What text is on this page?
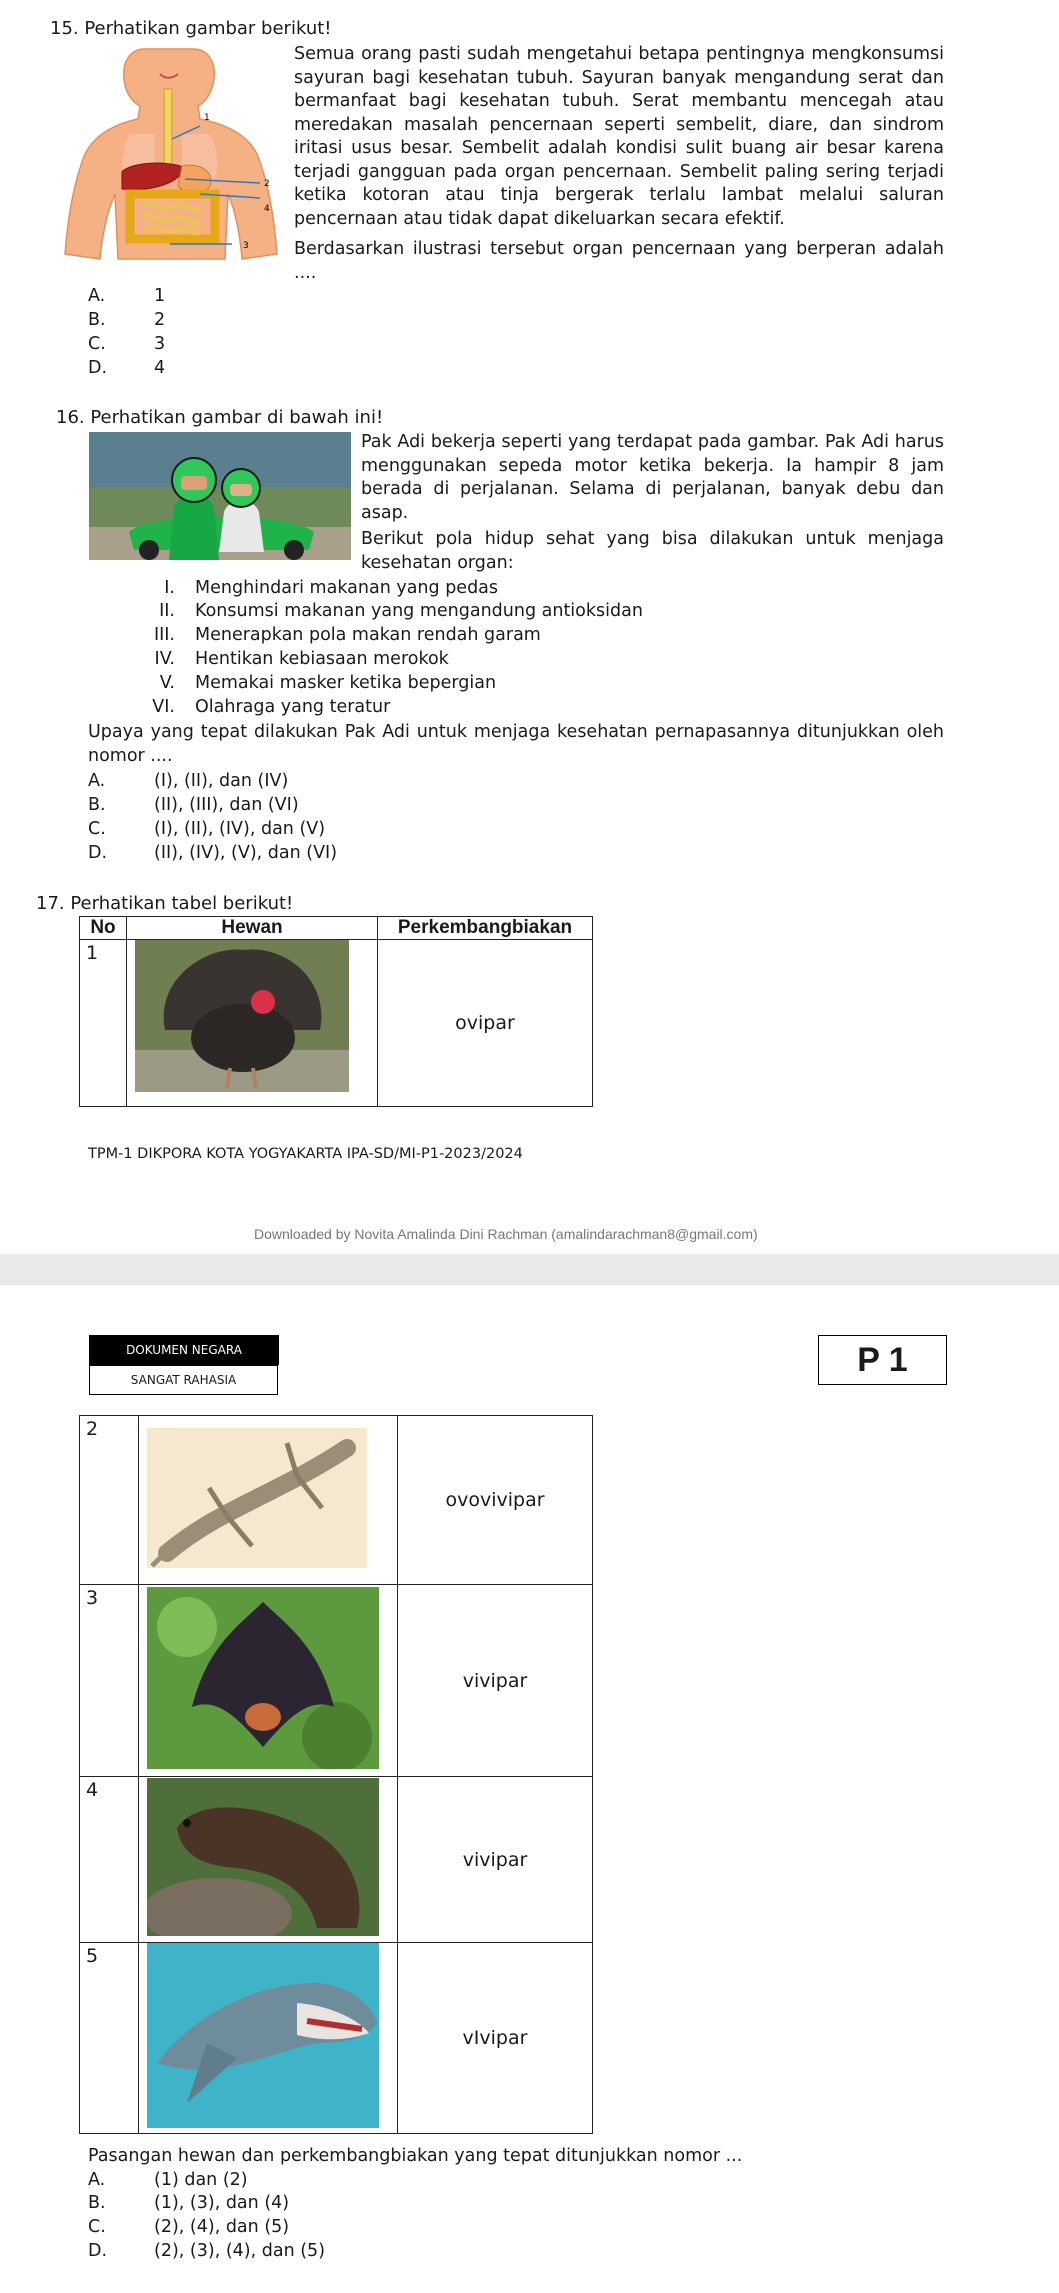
15. Perhatikan gambar berikut!
1
2
4
3
Semua orang pasti sudah mengetahui betapa pentingnya mengkonsumsi sayuran bagi kesehatan tubuh. Sayuran banyak mengandung serat dan bermanfaat bagi kesehatan tubuh. Serat membantu mencegah atau meredakan masalah pencernaan seperti sembelit, diare, dan sindrom iritasi usus besar. Sembelit adalah kondisi sulit buang air besar karena terjadi gangguan pada organ pencernaan. Sembelit paling sering terjadi ketika kotoran atau tinja bergerak terlalu lambat melalui saluran pencernaan atau tidak dapat dikeluarkan secara efektif.
Berdasarkan ilustrasi tersebut organ pencernaan yang berperan adalah ....
A.	1
B.	2
C.	3
D.	4
16. Perhatikan gambar di bawah ini!
Pak Adi bekerja seperti yang terdapat pada gambar. Pak Adi harus menggunakan sepeda motor ketika bekerja. Ia hampir 8 jam berada di perjalanan. Selama di perjalanan, banyak debu dan asap.
Berikut pola hidup sehat yang bisa dilakukan untuk menjaga kesehatan organ:
I. Menghindari makanan yang pedas
II. Konsumsi makanan yang mengandung antioksidan
III. Menerapkan pola makan rendah garam
IV. Hentikan kebiasaan merokok
V. Memakai masker ketika bepergian
VI. Olahraga yang teratur
Upaya yang tepat dilakukan Pak Adi untuk menjaga kesehatan pernapasannya ditunjukkan oleh nomor ....
A.	(I), (II), dan (IV)
B.	(II), (III), dan (VI)
C.	(I), (II), (IV), dan (V)
D.	(II), (IV), (V), dan (VI)
17. Perhatikan tabel berikut!
No	Hewan	Perkembangbiakan
1		ovipar
TPM-1 DIKPORA KOTA YOGYAKARTA IPA-SD/MI-P1-2023/2024
Downloaded by Novita Amalinda Dini Rachman (amalindarachman8@gmail.com)
DOKUMEN NEGARA
SANGAT RAHASIA
P 1
2		ovovivipar
3		vivipar
4		vivipar
5		vIvipar
Pasangan hewan dan perkembangbiakan yang tepat ditunjukkan nomor ...
A.	(1) dan (2)
B.	(1), (3), dan (4)
C.	(2), (4), dan (5)
D.	(2), (3), (4), dan (5)
